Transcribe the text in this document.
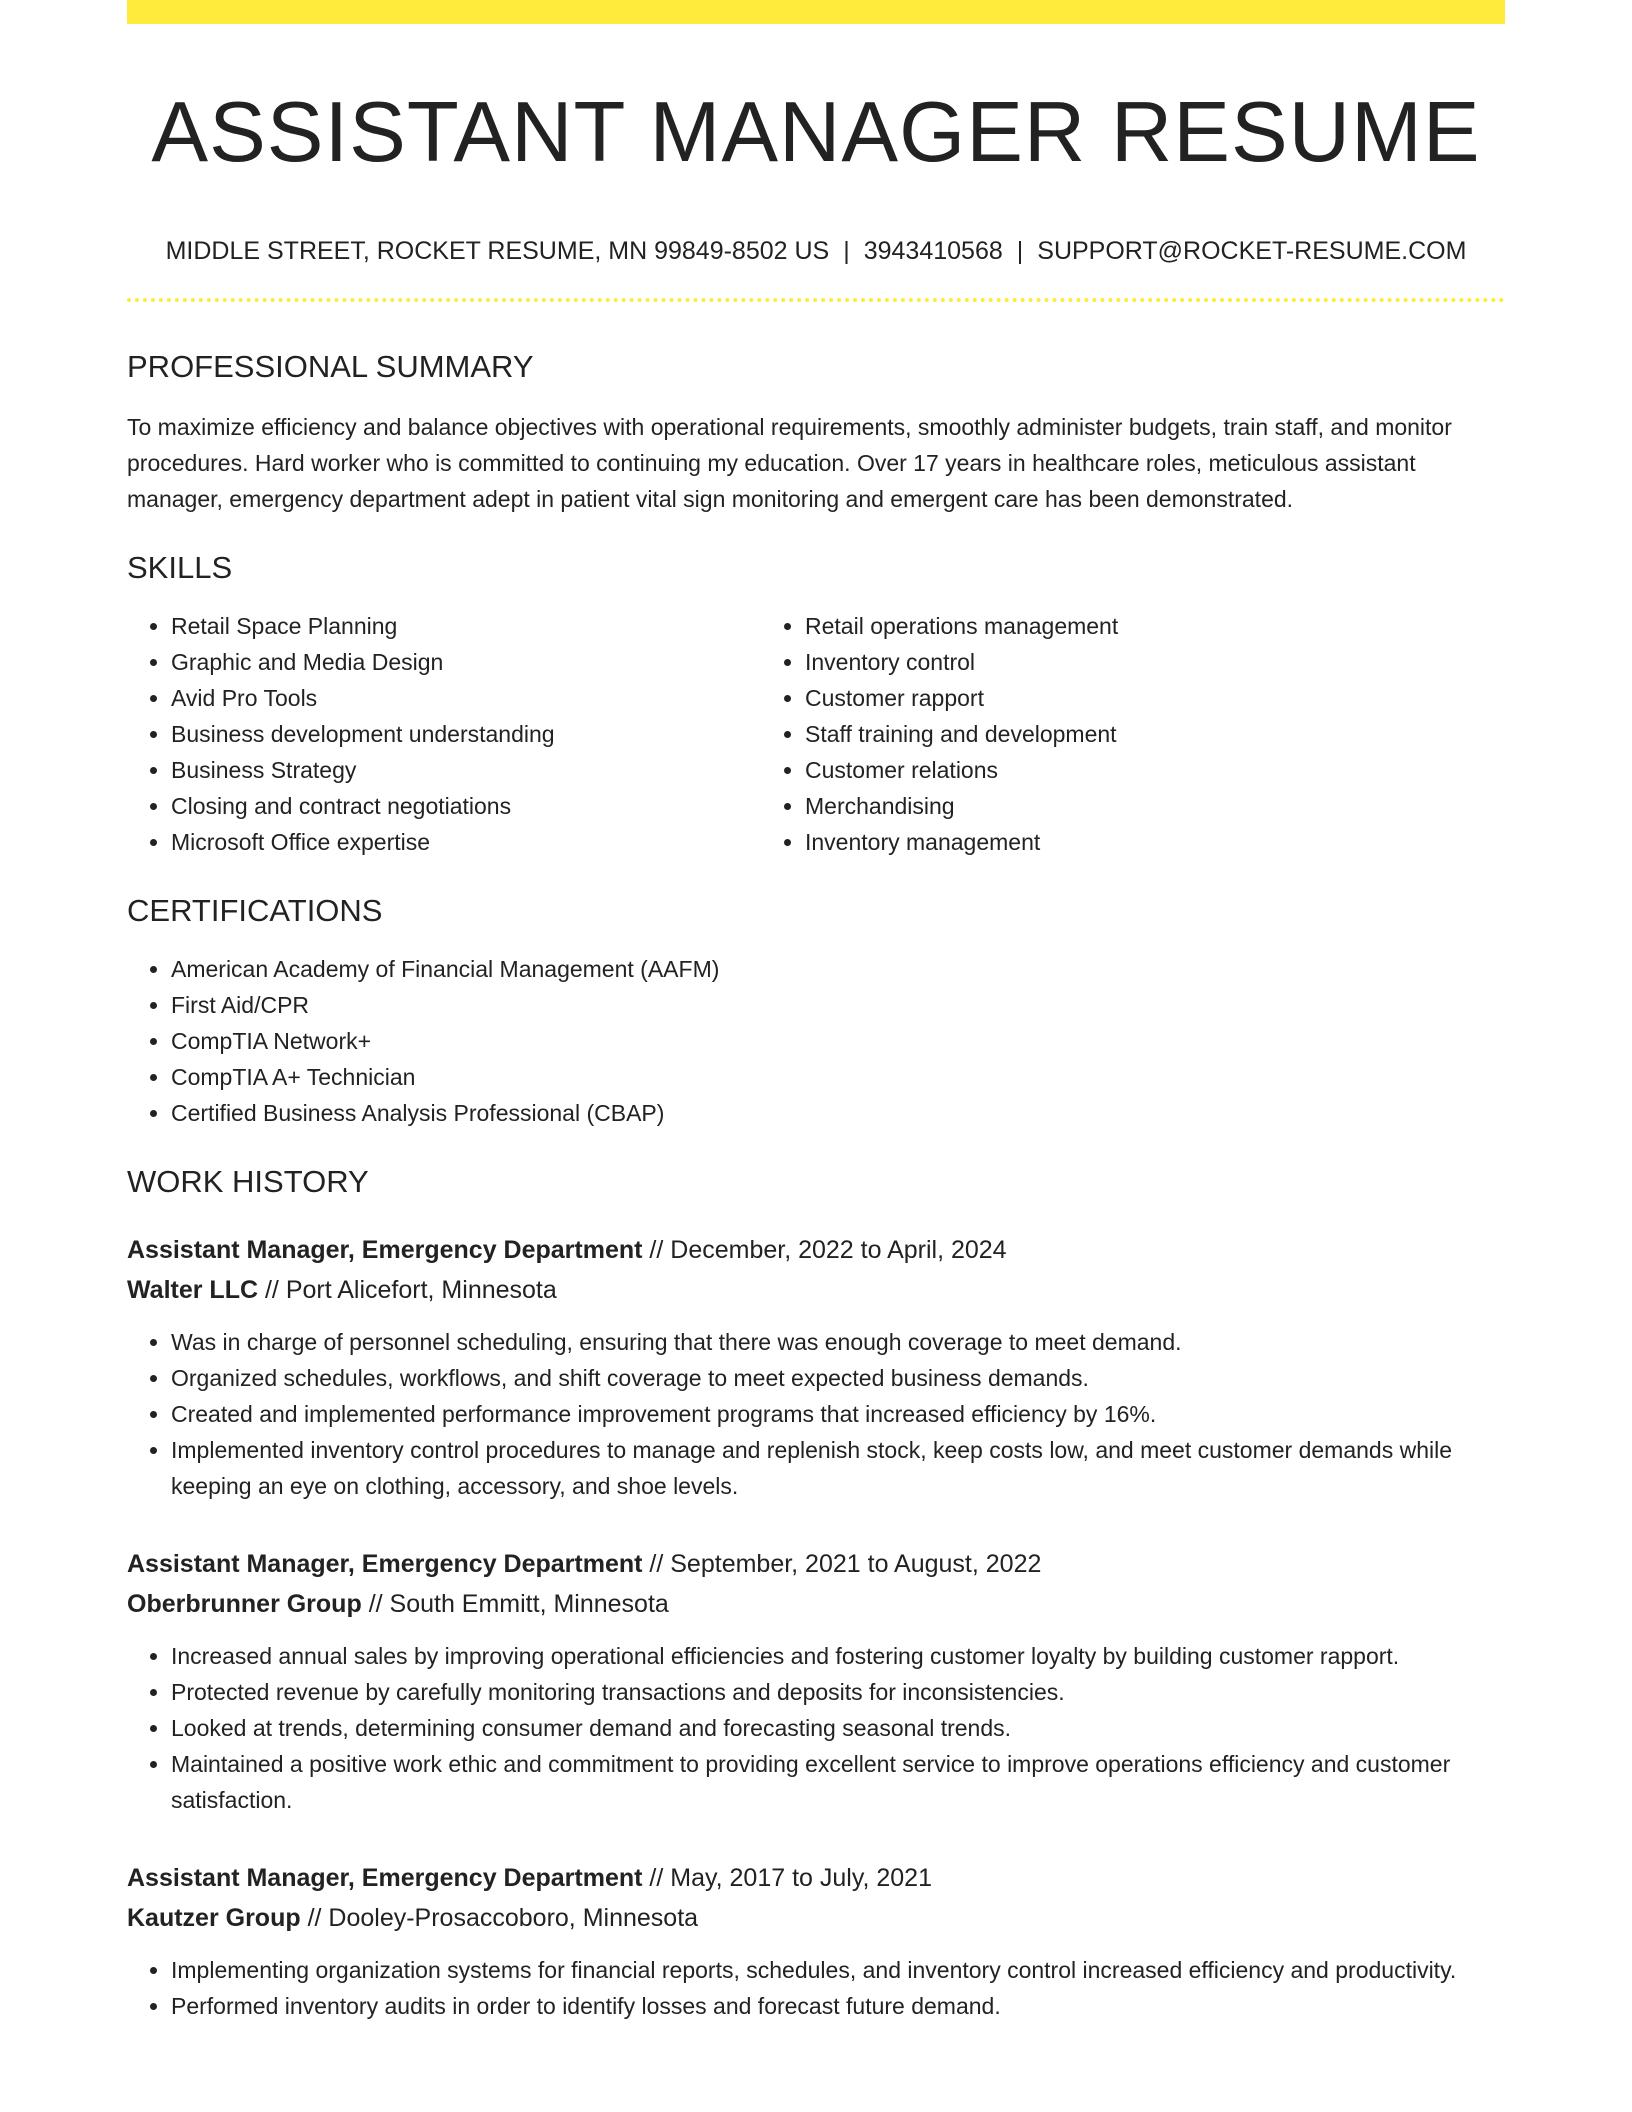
ASSISTANT MANAGER RESUME
MIDDLE STREET, ROCKET RESUME, MN 99849-8502 US | 3943410568 | SUPPORT@ROCKET-RESUME.COM
PROFESSIONAL SUMMARY

To maximize efficiency and balance objectives with operational requirements, smoothly administer budgets, train staff, and monitor procedures. Hard worker who is committed to continuing my education. Over 17 years in healthcare roles, meticulous assistant manager, emergency department adept in patient vital sign monitoring and emergent care has been demonstrated.

SKILLS
• Retail Space Planning
• Graphic and Media Design
• Avid Pro Tools
• Business development understanding
• Business Strategy
• Closing and contract negotiations
• Microsoft Office expertise
• Retail operations management
• Inventory control
• Customer rapport
• Staff training and development
• Customer relations
• Merchandising
• Inventory management
CERTIFICATIONS
• American Academy of Financial Management (AAFM)
• First Aid/CPR
• CompTIA Network+
• CompTIA A+ Technician
• Certified Business Analysis Professional (CBAP)
WORK HISTORY
Assistant Manager, Emergency Department // December, 2022 to April, 2024
Walter LLC // Port Alicefort, Minnesota
• Was in charge of personnel scheduling, ensuring that there was enough coverage to meet demand.
• Organized schedules, workflows, and shift coverage to meet expected business demands.
• Created and implemented performance improvement programs that increased efficiency by 16%.
• Implemented inventory control procedures to manage and replenish stock, keep costs low, and meet customer demands while keeping an eye on clothing, accessory, and shoe levels.
Assistant Manager, Emergency Department // September, 2021 to August, 2022
Oberbrunner Group // South Emmitt, Minnesota
• Increased annual sales by improving operational efficiencies and fostering customer loyalty by building customer rapport.
• Protected revenue by carefully monitoring transactions and deposits for inconsistencies.
• Looked at trends, determining consumer demand and forecasting seasonal trends.
• Maintained a positive work ethic and commitment to providing excellent service to improve operations efficiency and customer satisfaction.
Assistant Manager, Emergency Department // May, 2017 to July, 2021
Kautzer Group // Dooley-Prosaccoboro, Minnesota
• Implementing organization systems for financial reports, schedules, and inventory control increased efficiency and productivity.
• Performed inventory audits in order to identify losses and forecast future demand.
